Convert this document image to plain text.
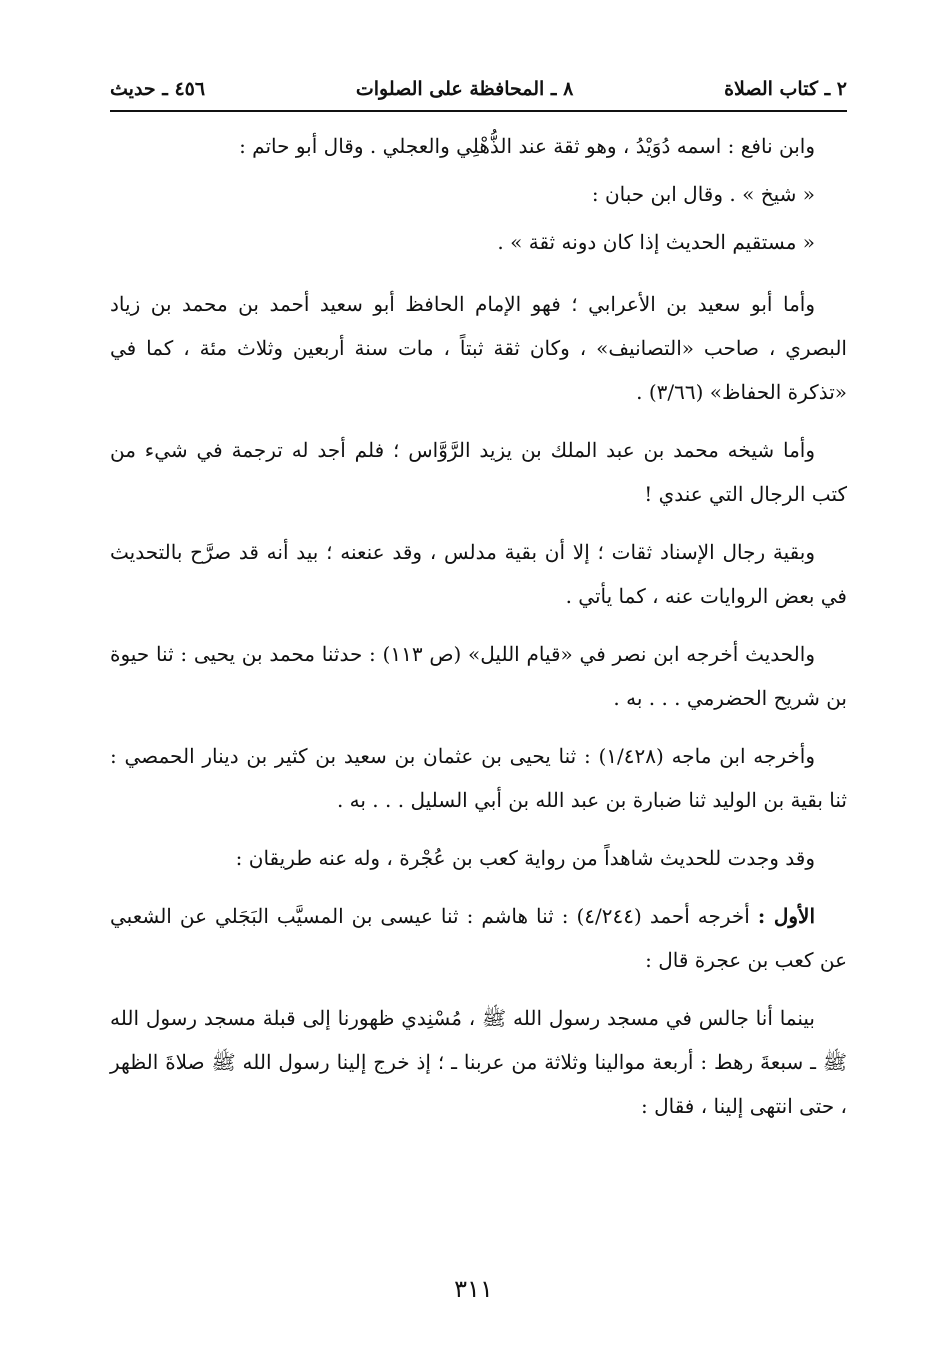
٢ ـ كتاب الصلاة
٨ ـ المحافظة على الصلوات
٤٥٦ ـ حديث

وابن نافع : اسمه دُوَيْدُ ، وهو ثقة عند الذُّهْلِي والعجلي . وقال أبو حاتم :

« شيخ » . وقال ابن حبان :

« مستقيم الحديث إذا كان دونه ثقة » .

وأما أبو سعيد بن الأعرابي ؛ فهو الإمام الحافظ أبو سعيد أحمد بن محمد بن زياد البصري ، صاحب «التصانيف» ، وكان ثقة ثبتاً ، مات سنة أربعين وثلاث مئة ، كما في «تذكرة الحفاظ» (٣/٦٦) .

وأما شيخه محمد بن عبد الملك بن يزيد الرَّوَّاس ؛ فلم أجد له ترجمة في شيء من كتب الرجال التي عندي !

وبقية رجال الإسناد ثقات ؛ إلا أن بقية مدلس ، وقد عنعنه ؛ بيد أنه قد صرَّح بالتحديث في بعض الروايات عنه ، كما يأتي .

والحديث أخرجه ابن نصر في «قيام الليل» (ص ١١٣) : حدثنا محمد بن يحيى : ثنا حيوة بن شريح الحضرمي . . . به .

وأخرجه ابن ماجه (١/٤٢٨) : ثنا يحيى بن عثمان بن سعيد بن كثير بن دينار الحمصي : ثنا بقية بن الوليد ثنا ضبارة بن عبد الله بن أبي السليل . . . به .

وقد وجدت للحديث شاهداً من رواية كعب بن عُجْرة ، وله عنه طريقان :

الأول : أخرجه أحمد (٤/٢٤٤) : ثنا هاشم : ثنا عيسى بن المسيَّب البَجَلي عن الشعبي عن كعب بن عجرة قال :

بينما أنا جالس في مسجد رسول الله ﷺ ، مُسْنِدي ظهورنا إلى قبلة مسجد رسول الله ﷺ ـ سبعةَ رهط : أربعة موالينا وثلاثة من عربنا ـ ؛ إذ خرج إلينا رسول الله ﷺ صلاةَ الظهر ، حتى انتهى إلينا ، فقال :

٣١١
